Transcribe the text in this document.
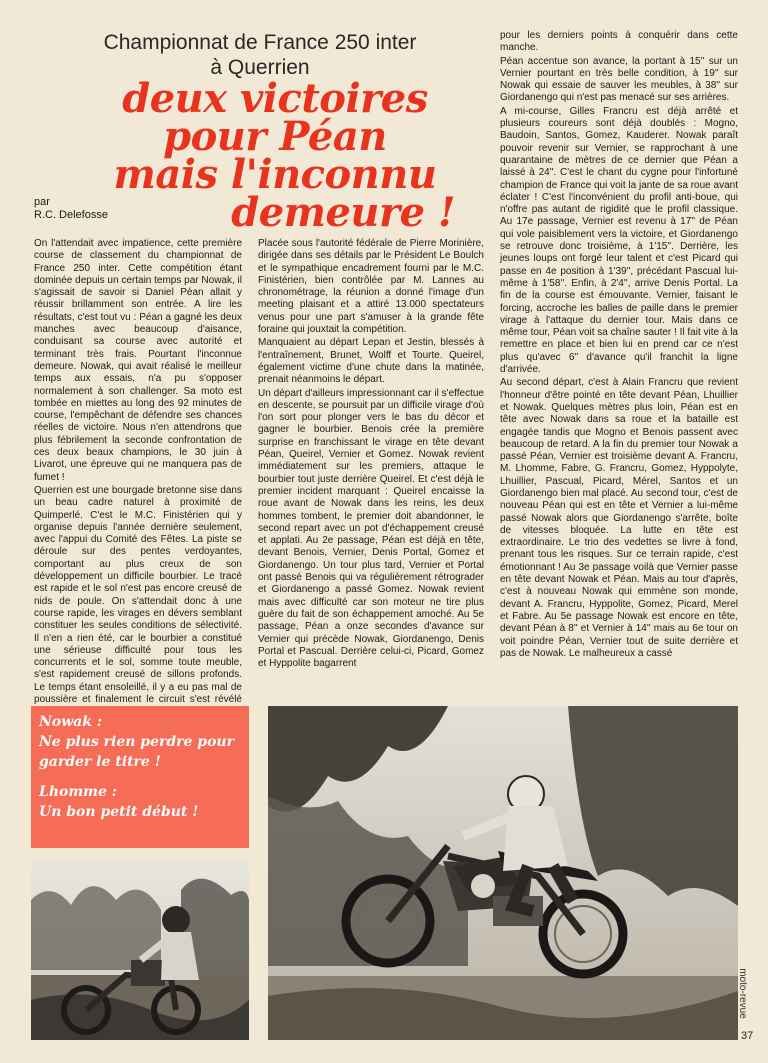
Championnat de France 250 inter
à Querrien
deux victoires
pour Péan
mais l'inconnu
demeure !
par
R.C. Delefosse

On l'attendait avec impatience, cette première course de classement du championnat de France 250 inter. Cette compétition étant dominée depuis un certain temps par Nowak, il s'agissait de savoir si Daniel Péan allait y réussir brillamment son entrée. A lire les résultats, c'est tout vu : Péan a gagné les deux manches avec beaucoup d'aisance, conduisant sa course avec autorité et terminant très frais. Pourtant l'inconnue demeure. Nowak, qui avait réalisé le meilleur temps aux essais, n'a pu s'opposer normalement à son challenger. Sa moto est tombée en miettes au long des 92 minutes de course, l'empêchant de défendre ses chances réelles de victoire. Nous n'en attendrons que plus fébrilement la seconde confrontation de ces deux beaux champions, le 30 juin à Livarot, une épreuve qui ne manquera pas de fumet !

Querrien est une bourgade bretonne sise dans un beau cadre naturel à proximité de Quimperlé. C'est le M.C. Finistérien qui y organise depuis l'année dernière seulement, avec l'appui du Comité des Fêtes. La piste se déroule sur des pentes verdoyantes, comportant au plus creux de son développement un difficile bourbier. Le tracé est rapide et le sol n'est pas encore creusé de nids de poule. On s'attendait donc à une course rapide, les virages en dévers semblant constituer les seules conditions de sélectivité. Il n'en a rien été, car le bourbier a constitué une sérieuse difficulté pour tous les concurrents et le sol, somme toute meuble, s'est rapidement creusé de sillons profonds. Le temps étant ensoleillé, il y a eu pas mal de poussière et finalement le circuit s'est révélé

Placée sous l'autorité fédérale de Pierre Morinière, dirigée dans ses détails par le Président Le Boulch et le sympathique encadrement fourni par le M.C. Finistérien, bien contrôlée par M. Lannes au chronométrage, la réunion a donné l'image d'un meeting plaisant et a attiré 13.000 spectateurs venus pour une part s'amuser à la grande fête foraine qui jouxtait la compétition.

Manquaient au départ Lepan et Jestin, blessés à l'entraînement, Brunet, Wolff et Tourte. Queirel, également victime d'une chute dans la matinée, prenait néanmoins le départ.

Un départ d'ailleurs impressionnant car il s'effectue en descente, se poursuit par un difficile virage d'où l'on sort pour plonger vers le bas du décor et gagner le bourbier. Benois crée la première surprise en franchissant le virage en tête devant Péan, Queirel, Vernier et Gomez. Nowak revient immédiatement sur les premiers, attaque le bourbier tout juste derrière Queirel. Et c'est déjà le premier incident marquant : Queirel encaisse la roue avant de Nowak dans les reins, les deux hommes tombent, le premier doit abandonner, le second repart avec un pot d'échappement creusé et applati. Au 2e passage, Péan est déjà en tête, devant Benois, Vernier, Denis Portal, Gomez et Giordanengo. Un tour plus tard, Vernier et Portal ont passé Benois qui va régulièrement rétrograder et Giordanengo a passé Gomez. Nowak revient mais avec difficulté car son moteur ne tire plus guère du fait de son échappement amoché. Au 5e passage, Péan a onze secondes d'avance sur Vernier qui précède Nowak, Giordanengo, Denis Portal et Pascual. Derrière celui-ci, Picard, Gomez et Hyppolite bagarrent

pour les derniers points à conquérir dans cette manche.

Péan accentue son avance, la portant à 15'' sur un Vernier pourtant en très belle condition, à 19'' sur Nowak qui essaie de sauver les meubles, à 38'' sur Giordanengo qui n'est pas menacé sur ses arrières.

A mi-course, Gilles Francru est déjà arrêté et plusieurs coureurs sont déjà doublés : Mogno, Baudoin, Santos, Gomez, Kauderer. Nowak paraît pouvoir revenir sur Vernier, se rapprochant à une quarantaine de mètres de ce dernier que Péan a laissé à 24''. C'est le chant du cygne pour l'infortuné champion de France qui voit la jante de sa roue avant éclater ! C'est l'inconvénient du profil anti-boue, qui n'offre pas autant de rigidité que le profil classique. Au 17e passage, Vernier est revenu à 17'' de Péan qui vole paisiblement vers la victoire, et Giordanengo se retrouve donc troisième, à 1'15''. Derrière, les jeunes loups ont forgé leur talent et c'est Picard qui passe en 4e position à 1'39'', précédant Pascual lui-même à 1'58''. Enfin, à 2'4'', arrive Denis Portal. La fin de la course est émouvante. Vernier, faisant le forcing, accroche les balles de paille dans le premier virage à l'attaque du dernier tour. Mais dans ce même tour, Péan voit sa chaîne sauter ! Il fait vite à la remettre en place et bien lui en prend car ce n'est plus qu'avec 6'' d'avance qu'il franchit la ligne d'arrivée.

Au second départ, c'est à Alain Francru que revient l'honneur d'être pointé en tête devant Péan, Lhuillier et Nowak. Quelques mètres plus loin, Péan est en tête avec Nowak dans sa roue et la bataille est engagée tandis que Mogno et Benois passent avec beaucoup de retard. A la fin du premier tour Nowak a passé Péan, Vernier est troisième devant A. Francru, M. Lhomme, Fabre, G. Francru, Gomez, Hyppolyte, Lhuillier, Pascual, Picard, Mérel, Santos et un Giordanengo bien mal placé. Au second tour, c'est de nouveau Péan qui est en tête et Vernier a lui-même passé Nowak alors que Giordanengo s'arrête, boîte de vitesses bloquée. La lutte en tête est extraordinaire. Le trio des vedettes se livre à fond, prenant tous les risques. Sur ce terrain rapide, c'est émotionnant ! Au 3e passage voilà que Vernier passe en tête devant Nowak et Péan. Mais au tour d'après, c'est à nouveau Nowak qui emmène son monde, devant A. Francru, Hyppolite, Gomez, Picard, Merel et Fabre. Au 5e passage Nowak est encore en tête, devant Péan à 8'' et Vernier à 14'' mais au 6e tour on voit poindre Péan, Vernier tout de suite derrière et pas de Nowak. Le malheureux a cassé

Nowak :
Ne plus rien perdre pour garder le titre !
Lhomme :
Un bon petit début !
moto-revue
37
